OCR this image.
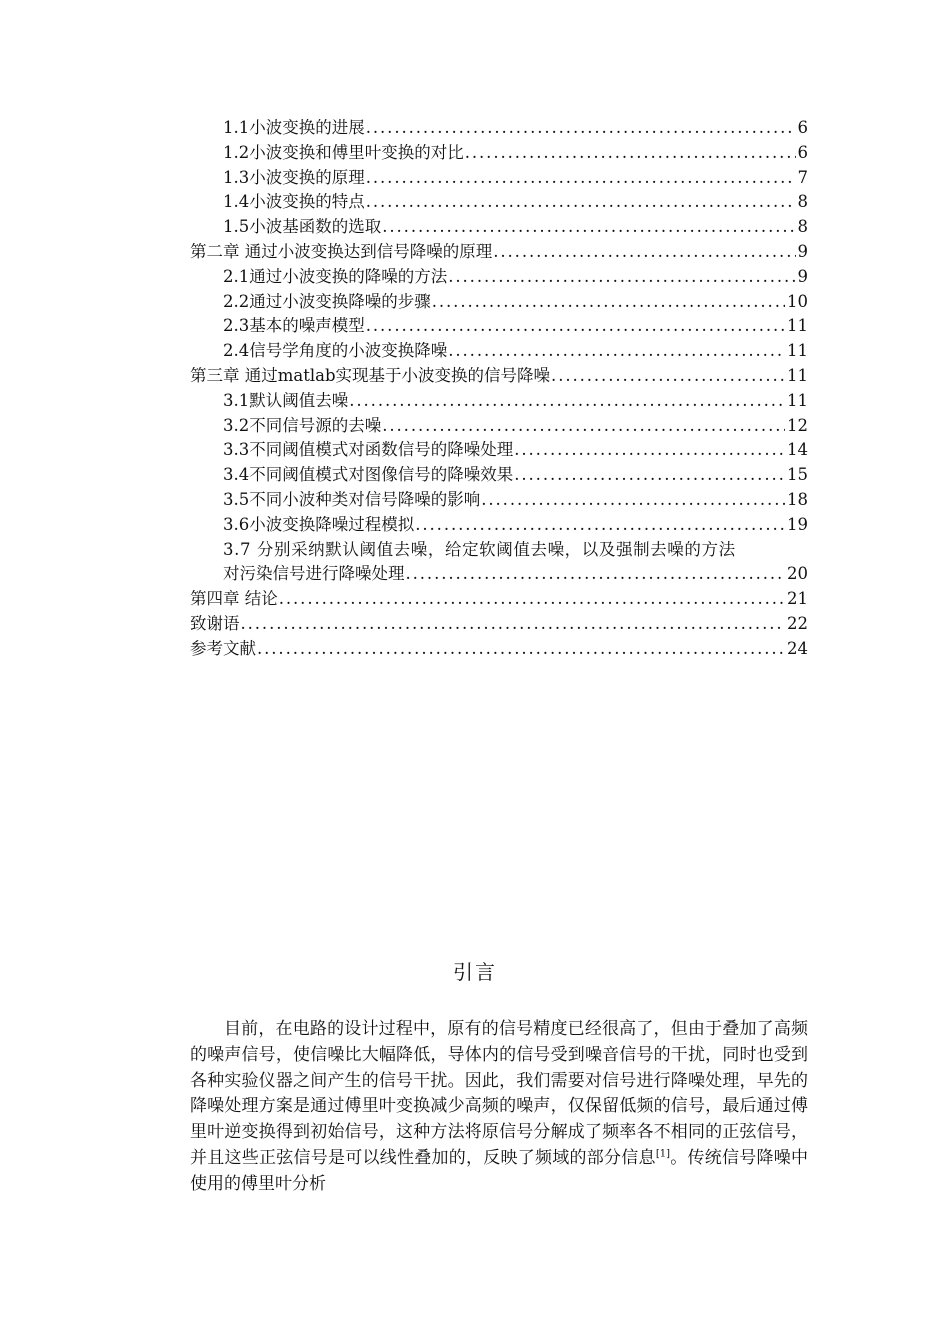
1.1小波变换的进展 .....	6
1.2小波变换和傅里叶变换的对比 .....	6
1.3小波变换的原理 .....	7
1.4小波变换的特点 .....	8
1.5小波基函数的选取 .....	8
第二章 通过小波变换达到信号降噪的原理 .....	9
2.1通过小波变换的降噪的方法 .....	9
2.2通过小波变换降噪的步骤 .....	10
2.3基本的噪声模型 .....	11
2.4信号学角度的小波变换降噪 .....	11
第三章 通过matlab实现基于小波变换的信号降噪 .....	11
3.1默认阈值去噪 .....	11
3.2不同信号源的去噪 .....	12
3.3不同阈值模式对函数信号的降噪处理 .....	14
3.4不同阈值模式对图像信号的降噪效果 .....	15
3.5不同小波种类对信号降噪的影响 .....	18
3.6小波变换降噪过程模拟 .....	19
3.7 分别采纳默认阈值去噪，给定软阈值去噪，以及强制去噪的方法
对污染信号进行降噪处理 .....	20
第四章 结论 .....	21
致谢语 .....	22
参考文献 .....	24
引言

目前，在电路的设计过程中，原有的信号精度已经很高了，但由于叠加了高频的噪声信号，使信噪比大幅降低，导体内的信号受到噪音信号的干扰，同时也受到各种实验仪器之间产生的信号干扰。因此，我们需要对信号进行降噪处理，早先的降噪处理方案是通过傅里叶变换减少高频的噪声，仅保留低频的信号，最后通过傅里叶逆变换得到初始信号，这种方法将原信号分解成了频率各不相同的正弦信号，并且这些正弦信号是可以线性叠加的，反映了频域的部分信息[1]。传统信号降噪中使用的傅里叶分析
